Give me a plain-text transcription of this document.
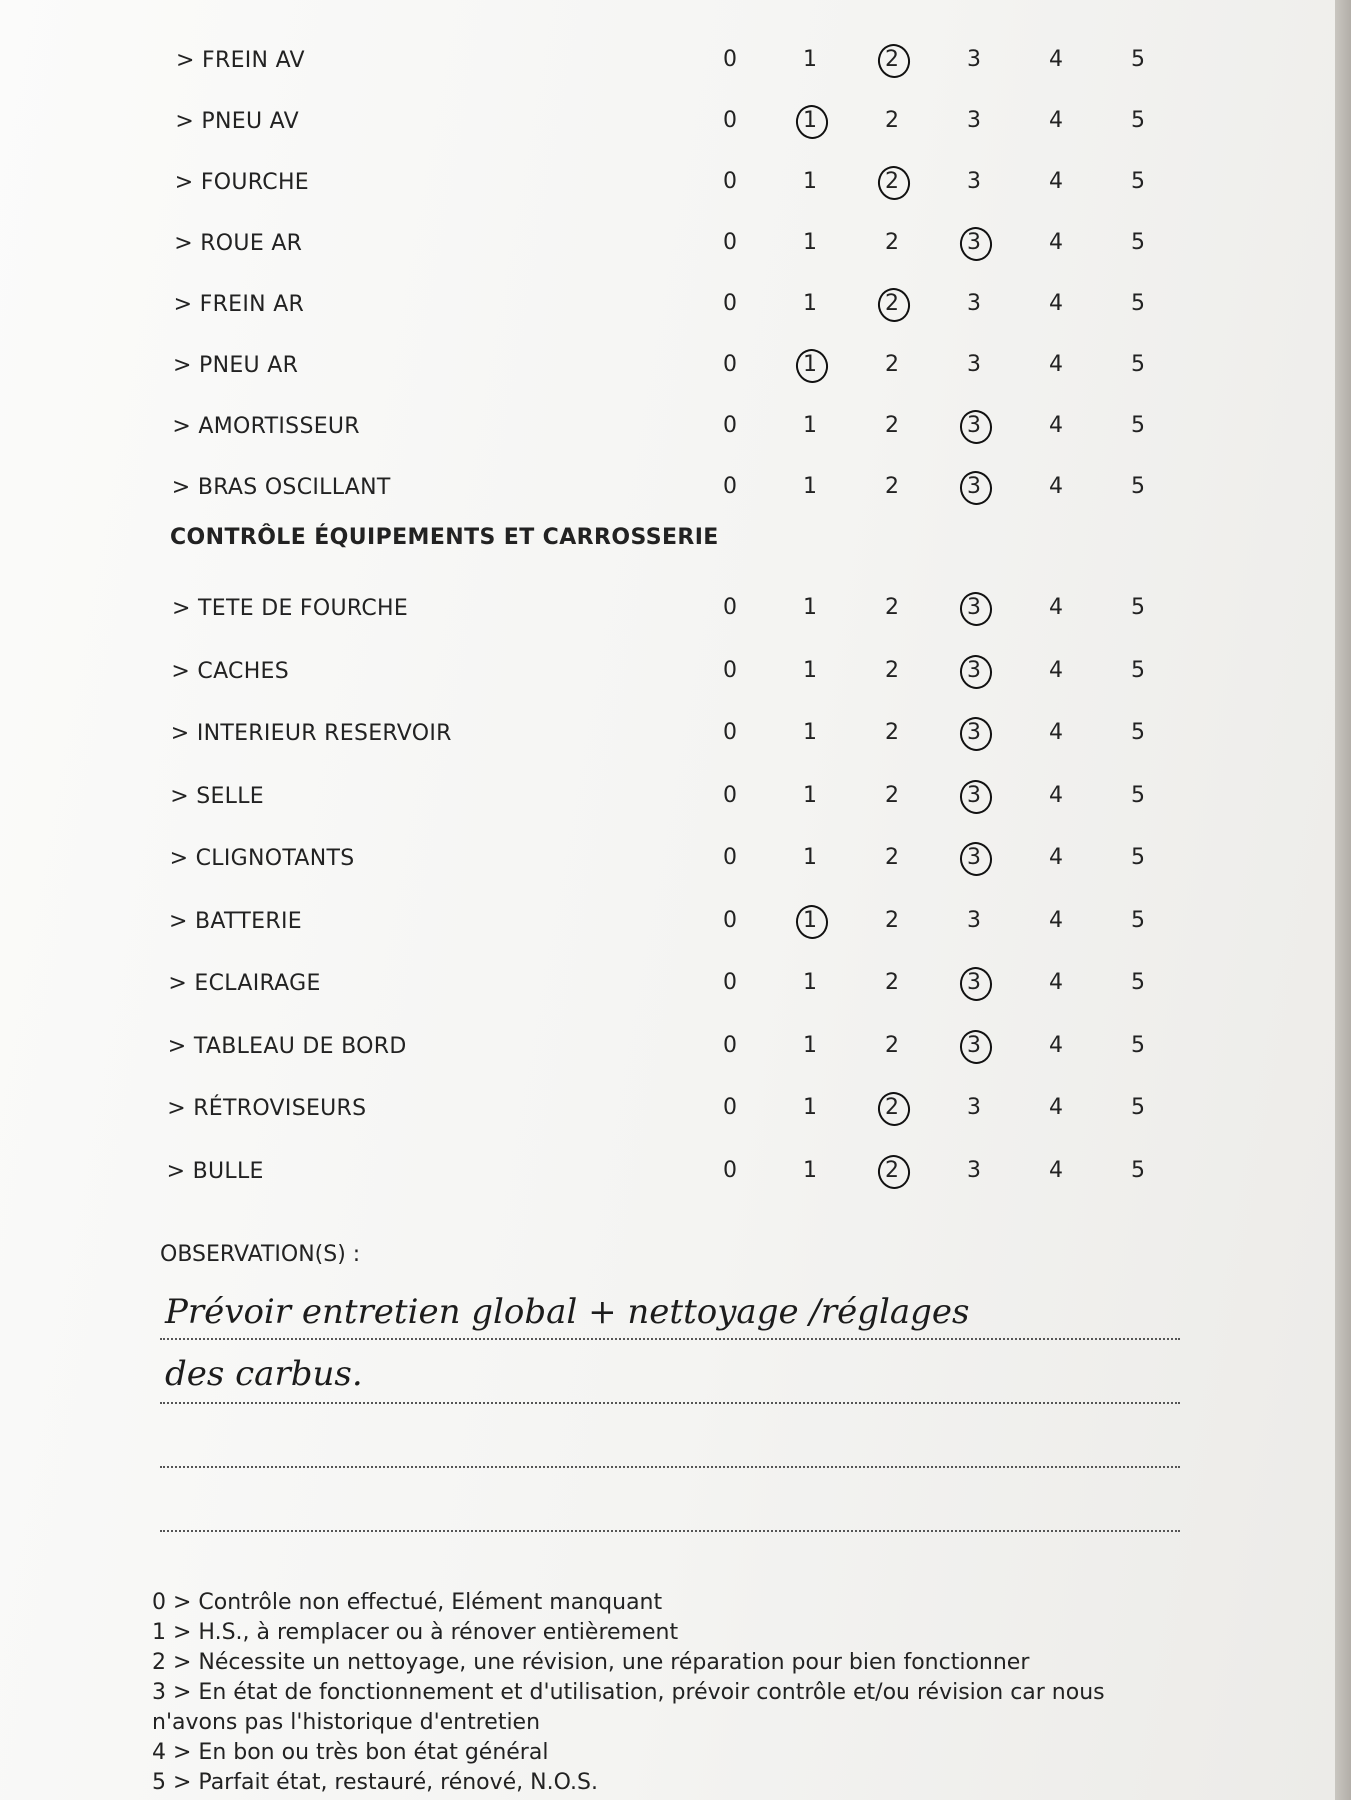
> FREIN AV	0	1	2	3	4	5
> PNEU AV	0	1	2	3	4	5
> FOURCHE	0	1	2	3	4	5
> ROUE AR	0	1	2	3	4	5
> FREIN AR	0	1	2	3	4	5
> PNEU AR	0	1	2	3	4	5
> AMORTISSEUR	0	1	2	3	4	5
> BRAS OSCILLANT	0	1	2	3	4	5
CONTRÔLE ÉQUIPEMENTS ET CARROSSERIE
> TETE DE FOURCHE	0	1	2	3	4	5
> CACHES	0	1	2	3	4	5
> INTERIEUR RESERVOIR	0	1	2	3	4	5
> SELLE	0	1	2	3	4	5
> CLIGNOTANTS	0	1	2	3	4	5
> BATTERIE	0	1	2	3	4	5
> ECLAIRAGE	0	1	2	3	4	5
> TABLEAU DE BORD	0	1	2	3	4	5
> RÉTROVISEURS	0	1	2	3	4	5
> BULLE	0	1	2	3	4	5
OBSERVATION(S) :
Prévoir entretien global + nettoyage /réglages
des carbus.
0 > Contrôle non effectué, Elément manquant
1 > H.S., à remplacer ou à rénover entièrement
2 > Nécessite un nettoyage, une révision, une réparation pour bien fonctionner
3 > En état de fonctionnement et d'utilisation, prévoir contrôle et/ou révision car nous n'avons pas l'historique d'entretien
4 > En bon ou très bon état général
5 > Parfait état, restauré, rénové, N.O.S.
